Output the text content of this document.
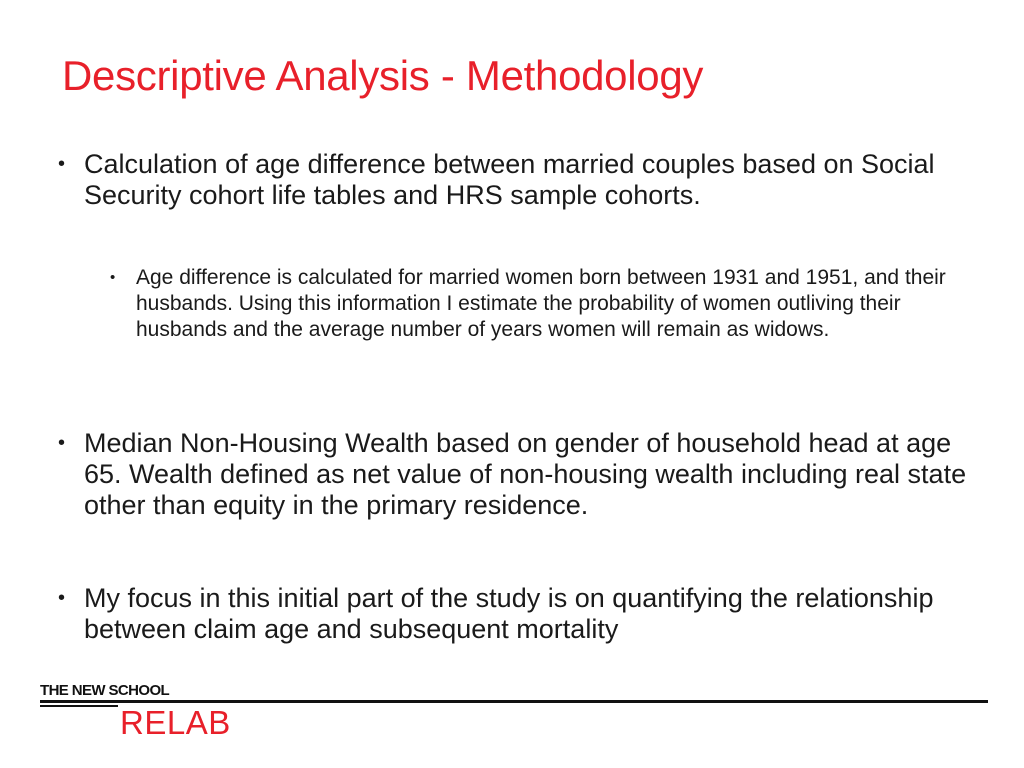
Descriptive Analysis - Methodology
• Calculation of age difference between married couples based on Social Security cohort life tables and HRS sample cohorts.
• Age difference is calculated for married women born between 1931 and 1951, and their husbands. Using this information I estimate the probability of women outliving their husbands and the average number of years women will remain as widows.
• Median Non-Housing Wealth based on gender of household head at age 65. Wealth defined as net value of non-housing wealth including real state other than equity in the primary residence.
• My focus in this initial part of the study is on quantifying the relationship between claim age and subsequent mortality
THE NEW SCHOOL
RELAB
